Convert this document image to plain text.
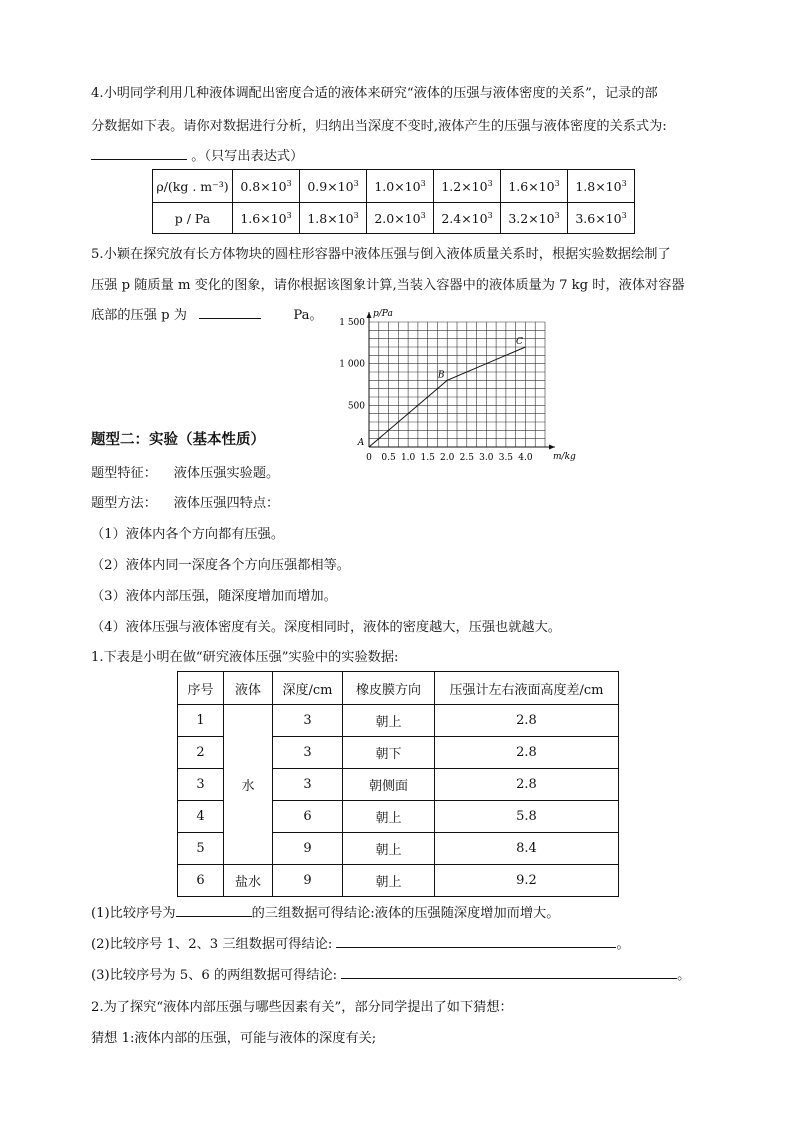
4.小明同学利用几种液体调配出密度合适的液体来研究“液体的压强与液体密度的关系”，记录的部
分数据如下表。请你对数据进行分析，归纳出当深度不变时,液体产生的压强与液体密度的关系式为:
。（只写出表达式）
ρ/(kg . m⁻³)	$0.8\times 10^3$	$0.9\times 10^3$	$1.0\times 10^3$	$1.2\times 10^3$	$1.6\times 10^3$	$1.8\times 10^3$
p / Pa	$1.6\times 10^3$	$1.8\times 10^3$	$2.0\times 10^3$	$2.4\times 10^3$	$3.2\times 10^3$	$3.6\times 10^3$
5.小颖在探究放有长方体物块的圆柱形容器中液体压强与倒入液体质量关系时，根据实验数据绘制了
压强 p 随质量 m 变化的图象，请你根据该图象计算,当装入容器中的液体质量为 7 kg 时，液体对容器
底部的压强 p 为	Pa。
0 0.5 1.0 1.5 2.0 2.5 3.0 3.5 4.0
500
1 000
1 500
p/Pa
m/kg
A
B
C
题型二：实验（基本性质）
题型特征：    液体压强实验题。
题型方法：    液体压强四特点：
（1）液体内各个方向都有压强。
（2）液体内同一深度各个方向压强都相等。
（3）液体内部压强，随深度增加而增加。
（4）液体压强与液体密度有关。深度相同时，液体的密度越大，压强也就越大。
1.下表是小明在做“研究液体压强”实验中的实验数据:
序号	液体	深度/cm	橡皮膜方向	压强计左右液面高度差/cm
1	水	3	朝上	2.8
2		3	朝下	2.8
3		3	朝侧面	2.8
4		6	朝上	5.8
5		9	朝上	8.4
6	盐水	9	朝上	9.2
(1)比较序号为	的三组数据可得结论:液体的压强随深度增加而增大。
(2)比较序号 1、2、3 三组数据可得结论:	。
(3)比较序号为 5、6 的两组数据可得结论:	。
2.为了探究“液体内部压强与哪些因素有关”，部分同学提出了如下猜想：
猜想 1:液体内部的压强，可能与液体的深度有关;
